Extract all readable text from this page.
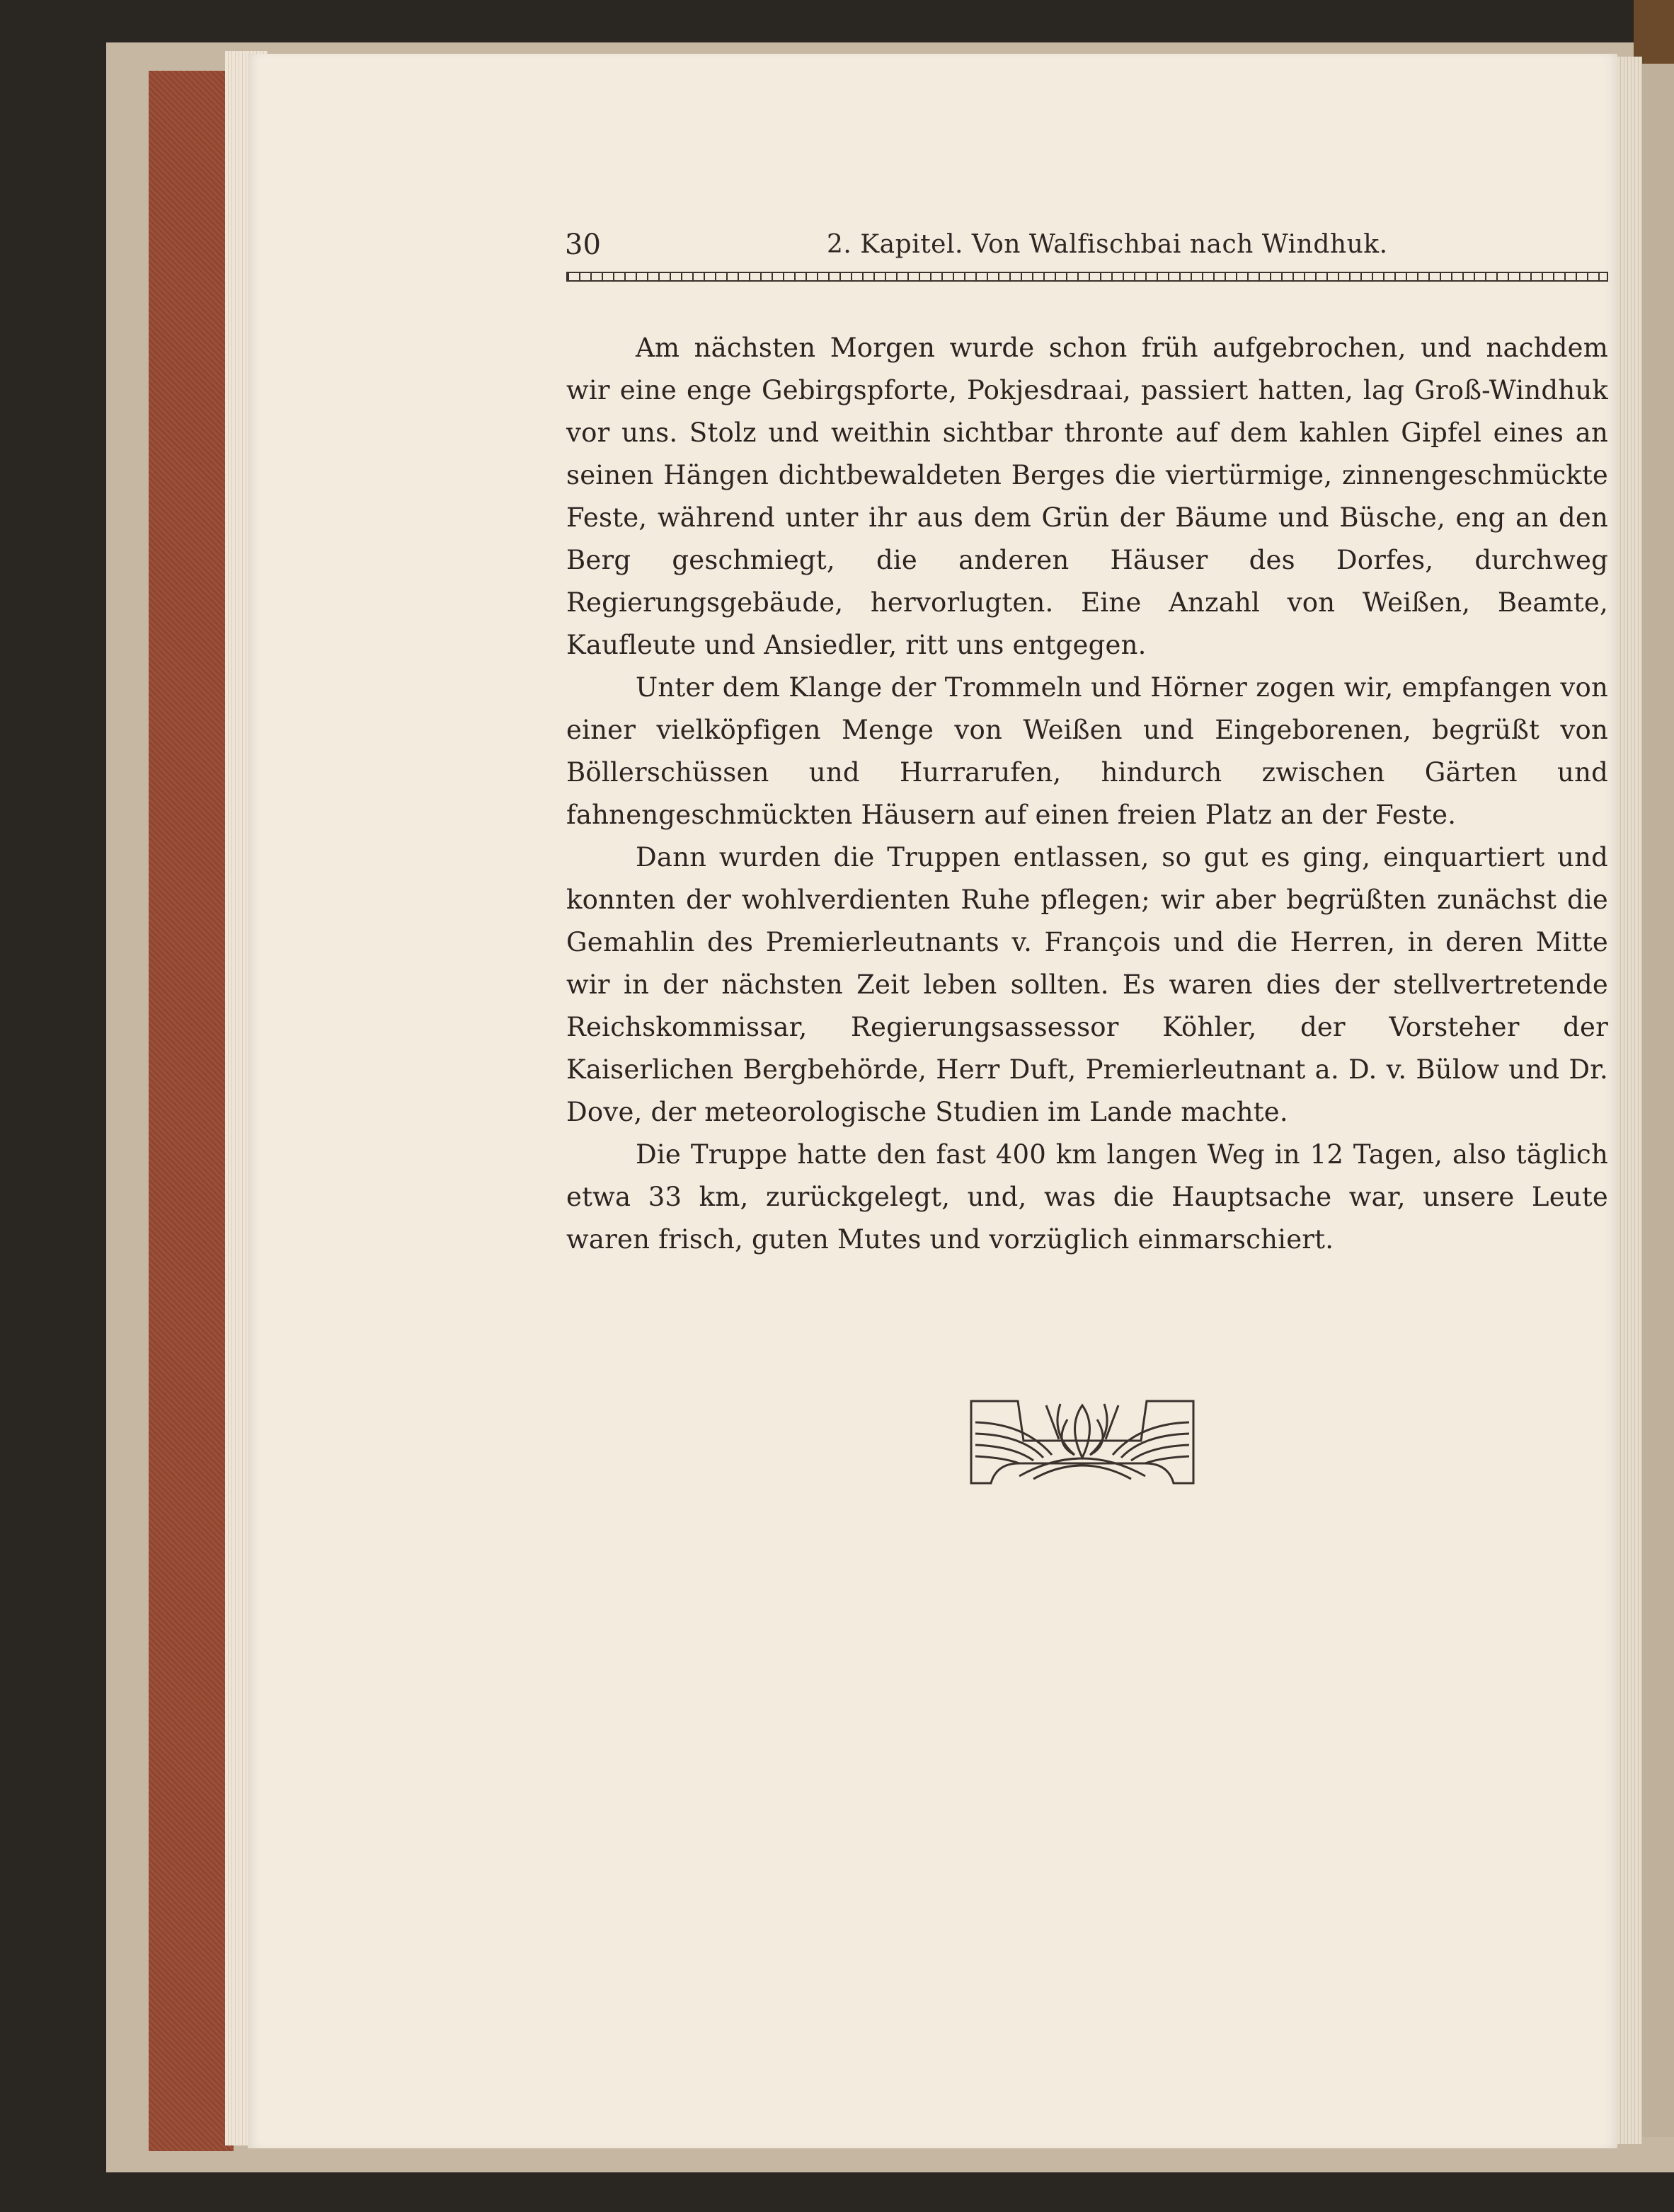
30	2. Kapitel. Von Walfischbai nach Windhuk.

Am nächsten Morgen wurde schon früh aufgebrochen, und nachdem wir eine enge Gebirgspforte, Pokjesdraai, passiert hatten, lag Groß-Windhuk vor uns. Stolz und weithin sichtbar thronte auf dem kahlen Gipfel eines an seinen Hängen dichtbewaldeten Berges die viertürmige, zinnengeschmückte Feste, während unter ihr aus dem Grün der Bäume und Büsche, eng an den Berg geschmiegt, die anderen Häuser des Dorfes, durchweg Regierungsgebäude, hervorlugten. Eine Anzahl von Weißen, Beamte, Kaufleute und Ansiedler, ritt uns entgegen.

Unter dem Klange der Trommeln und Hörner zogen wir, empfangen von einer vielköpfigen Menge von Weißen und Eingeborenen, begrüßt von Böllerschüssen und Hurrarufen, hindurch zwischen Gärten und fahnengeschmückten Häusern auf einen freien Platz an der Feste.

Dann wurden die Truppen entlassen, so gut es ging, einquartiert und konnten der wohlverdienten Ruhe pflegen; wir aber begrüßten zunächst die Gemahlin des Premierleutnants v. François und die Herren, in deren Mitte wir in der nächsten Zeit leben sollten. Es waren dies der stellvertretende Reichskommissar, Regierungsassessor Köhler, der Vorsteher der Kaiserlichen Bergbehörde, Herr Duft, Premierleutnant a. D. v. Bülow und Dr. Dove, der meteorologische Studien im Lande machte.

Die Truppe hatte den fast 400 km langen Weg in 12 Tagen, also täglich etwa 33 km, zurückgelegt, und, was die Hauptsache war, unsere Leute waren frisch, guten Mutes und vorzüglich einmarschiert.
